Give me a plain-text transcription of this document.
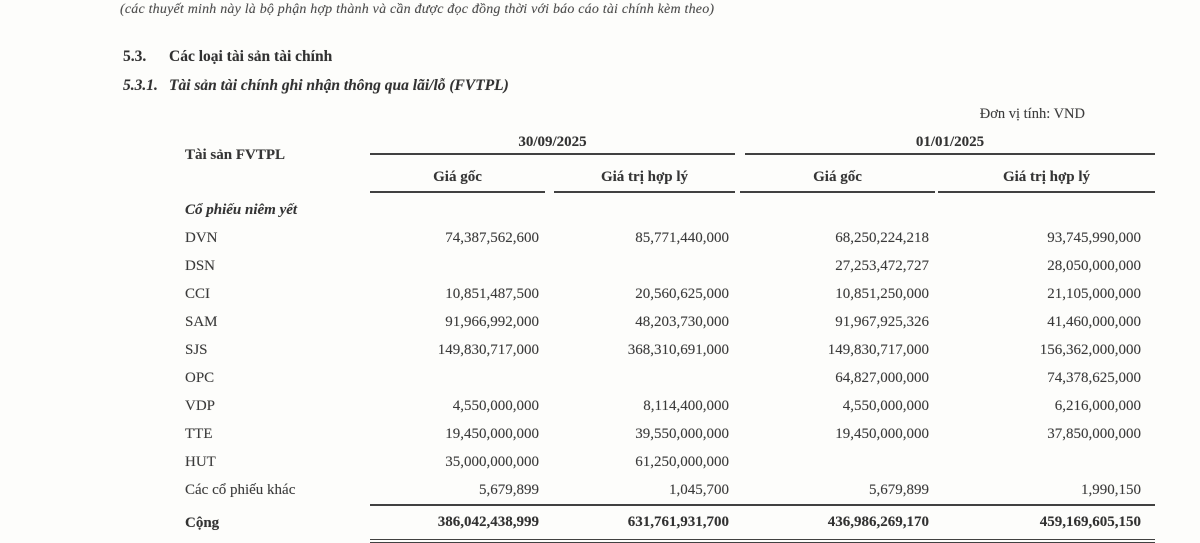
(các thuyết minh này là bộ phận hợp thành và cần được đọc đồng thời với báo cáo tài chính kèm theo)
5.3.	Các loại tài sản tài chính
5.3.1. Tài sản tài chính ghi nhận thông qua lãi/lỗ (FVTPL)
Đơn vị tính: VND
Tài sản FVTPL	30/09/2025		01/01/2025	

	Giá gốc	Giá trị hợp lý	Giá gốc	Giá trị hợp lý

Cổ phiếu niêm yết				
DVN	74,387,562,600	85,771,440,000	68,250,224,218	93,745,990,000
DSN			27,253,472,727	28,050,000,000
CCI	10,851,487,500	20,560,625,000	10,851,250,000	21,105,000,000
SAM	91,966,992,000	48,203,730,000	91,967,925,326	41,460,000,000
SJS	149,830,717,000	368,310,691,000	149,830,717,000	156,362,000,000
OPC			64,827,000,000	74,378,625,000
VDP	4,550,000,000	8,114,400,000	4,550,000,000	6,216,000,000
TTE	19,450,000,000	39,550,000,000	19,450,000,000	37,850,000,000
HUT	35,000,000,000	61,250,000,000		
Các cổ phiếu khác	5,679,899	1,045,700	5,679,899	1,990,150
Cộng	386,042,438,999	631,761,931,700	436,986,269,170	459,169,605,150
